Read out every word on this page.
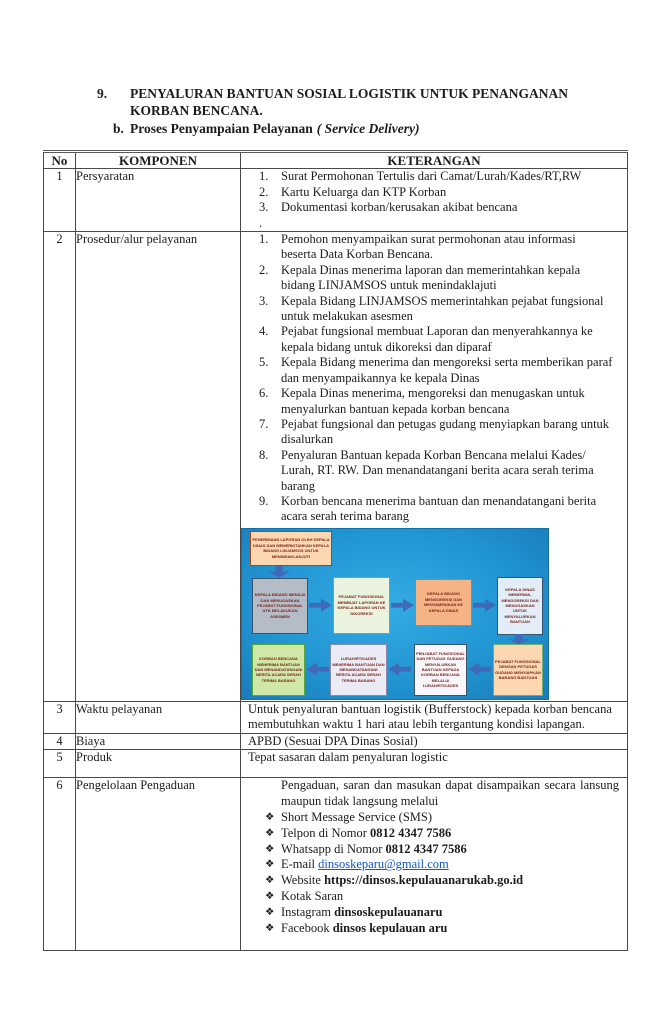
9.	PENYALURAN BANTUAN SOSIAL LOGISTIK UNTUK PENANGANAN
KORBAN BENCANA.
b. Proses Penyampaian Pelayanan ( Service Delivery)
No	KOMPONEN	KETERANGAN
1	Persyaratan	Surat Permohonan Tertulis dari Camat/Lurah/Kades/RT,RW
Kartu Keluarga dan KTP Korban
Dokumentasi korban/kerusakan akibat bencana
.

2	Prosedur/alur pelayanan	Pemohon menyampaikan surat permohonan atau informasi beserta Data Korban Bencana.
Kepala Dinas menerima laporan dan memerintahkan kepala bidang LINJAMSOS untuk menindaklajuti
Kepala Bidang LINJAMSOS memerintahkan pejabat fungsional untuk melakukan asesmen
Pejabat fungsional membuat Laporan dan menyerahkannya ke kepala bidang untuk dikoreksi dan diparaf
Kepala Bidang menerima dan mengoreksi serta memberikan paraf dan menyampaikannya ke kepala Dinas
Kepala Dinas menerima, mengoreksi dan menugaskan untuk menyalurkan bantuan kepada korban bencana
Pejabat fungsional dan petugas gudang menyiapkan barang untuk disalurkan
Penyaluran Bantuan kepada Korban Bencana melalui Kades/ Lurah, RT. RW. Dan menandatangani berita acara serah terima barang
Korban bencana menerima bantuan dan menandatangani berita acara serah terima barang
PENERIMAAN LAPORAN OLEH KEPALA DINAS DAN MEMERINTAHKAN KEPALA BIDANG LINJAMSOS UNTUK MENINDAKLANJUTI
KEPALA BIDANG MENILAI DAN MENUGASKAN PEJABAT FUNGSIONAL UTK MELAKUKAN ASESMEN
PEJABAT FUNGSIONAL MEMBUAT LAPORAN KE KEPALA BIDANG UNTUK DIKOREKSI
KEPALA BIDANG MENGOREKSI DAN MENYAMPAIKAN KE KEPALA DINAS
KEPALA DINAS MENERIMA, MENGOREKSI DAN MENUGASKAN UNTUK MENYALURKAN BANTUAN
PEJABAT FUNGSIONAL DENGAN PETUGAS GUDANG MENYIAPKAN BARANG BANTUAN
PENJABAT FUNGSIONAL DAN PETUGAS GUDANG MENYALURKAN BANTUAN KEPADA KORBAN BENCANA MELALUI LURAH/RT/KADES
LURAH/RT/KADES MENERIMA BANTUAN DAN MENANDATANGANI BERITA ACARA SERAH TERIMA BARANG
KORBAN BENCANA MENERIMA BANTUAN DAN MENANDATANGANI BERITA ACARA SERAH TERIMA BARANG

3	Waktu pelayanan	Untuk penyaluran bantuan logistik (Bufferstock) kepada korban bencana membutuhkan waktu 1 hari atau lebih tergantung kondisi lapangan.

4	Biaya	APBD (Sesuai DPA Dinas Sosial)

5	Produk	Tepat sasaran dalam penyaluran logistic

6	Pengelolaan Pengaduan	Pengaduan, saran dan masukan dapat disampaikan secara lansung maupun tidak langsung melalui
❖ Short Message Service (SMS)
❖ Telpon di Nomor 0812 4347 7586
❖ Whatsapp di Nomor 0812 4347 7586
❖ E-mail dinsoskeparu@gmail.com
❖ Website https://dinsos.kepulauanarukab.go.id
❖ Kotak Saran
❖ Instagram dinsoskepulauanaru
❖ Facebook dinsos kepulauan aru
